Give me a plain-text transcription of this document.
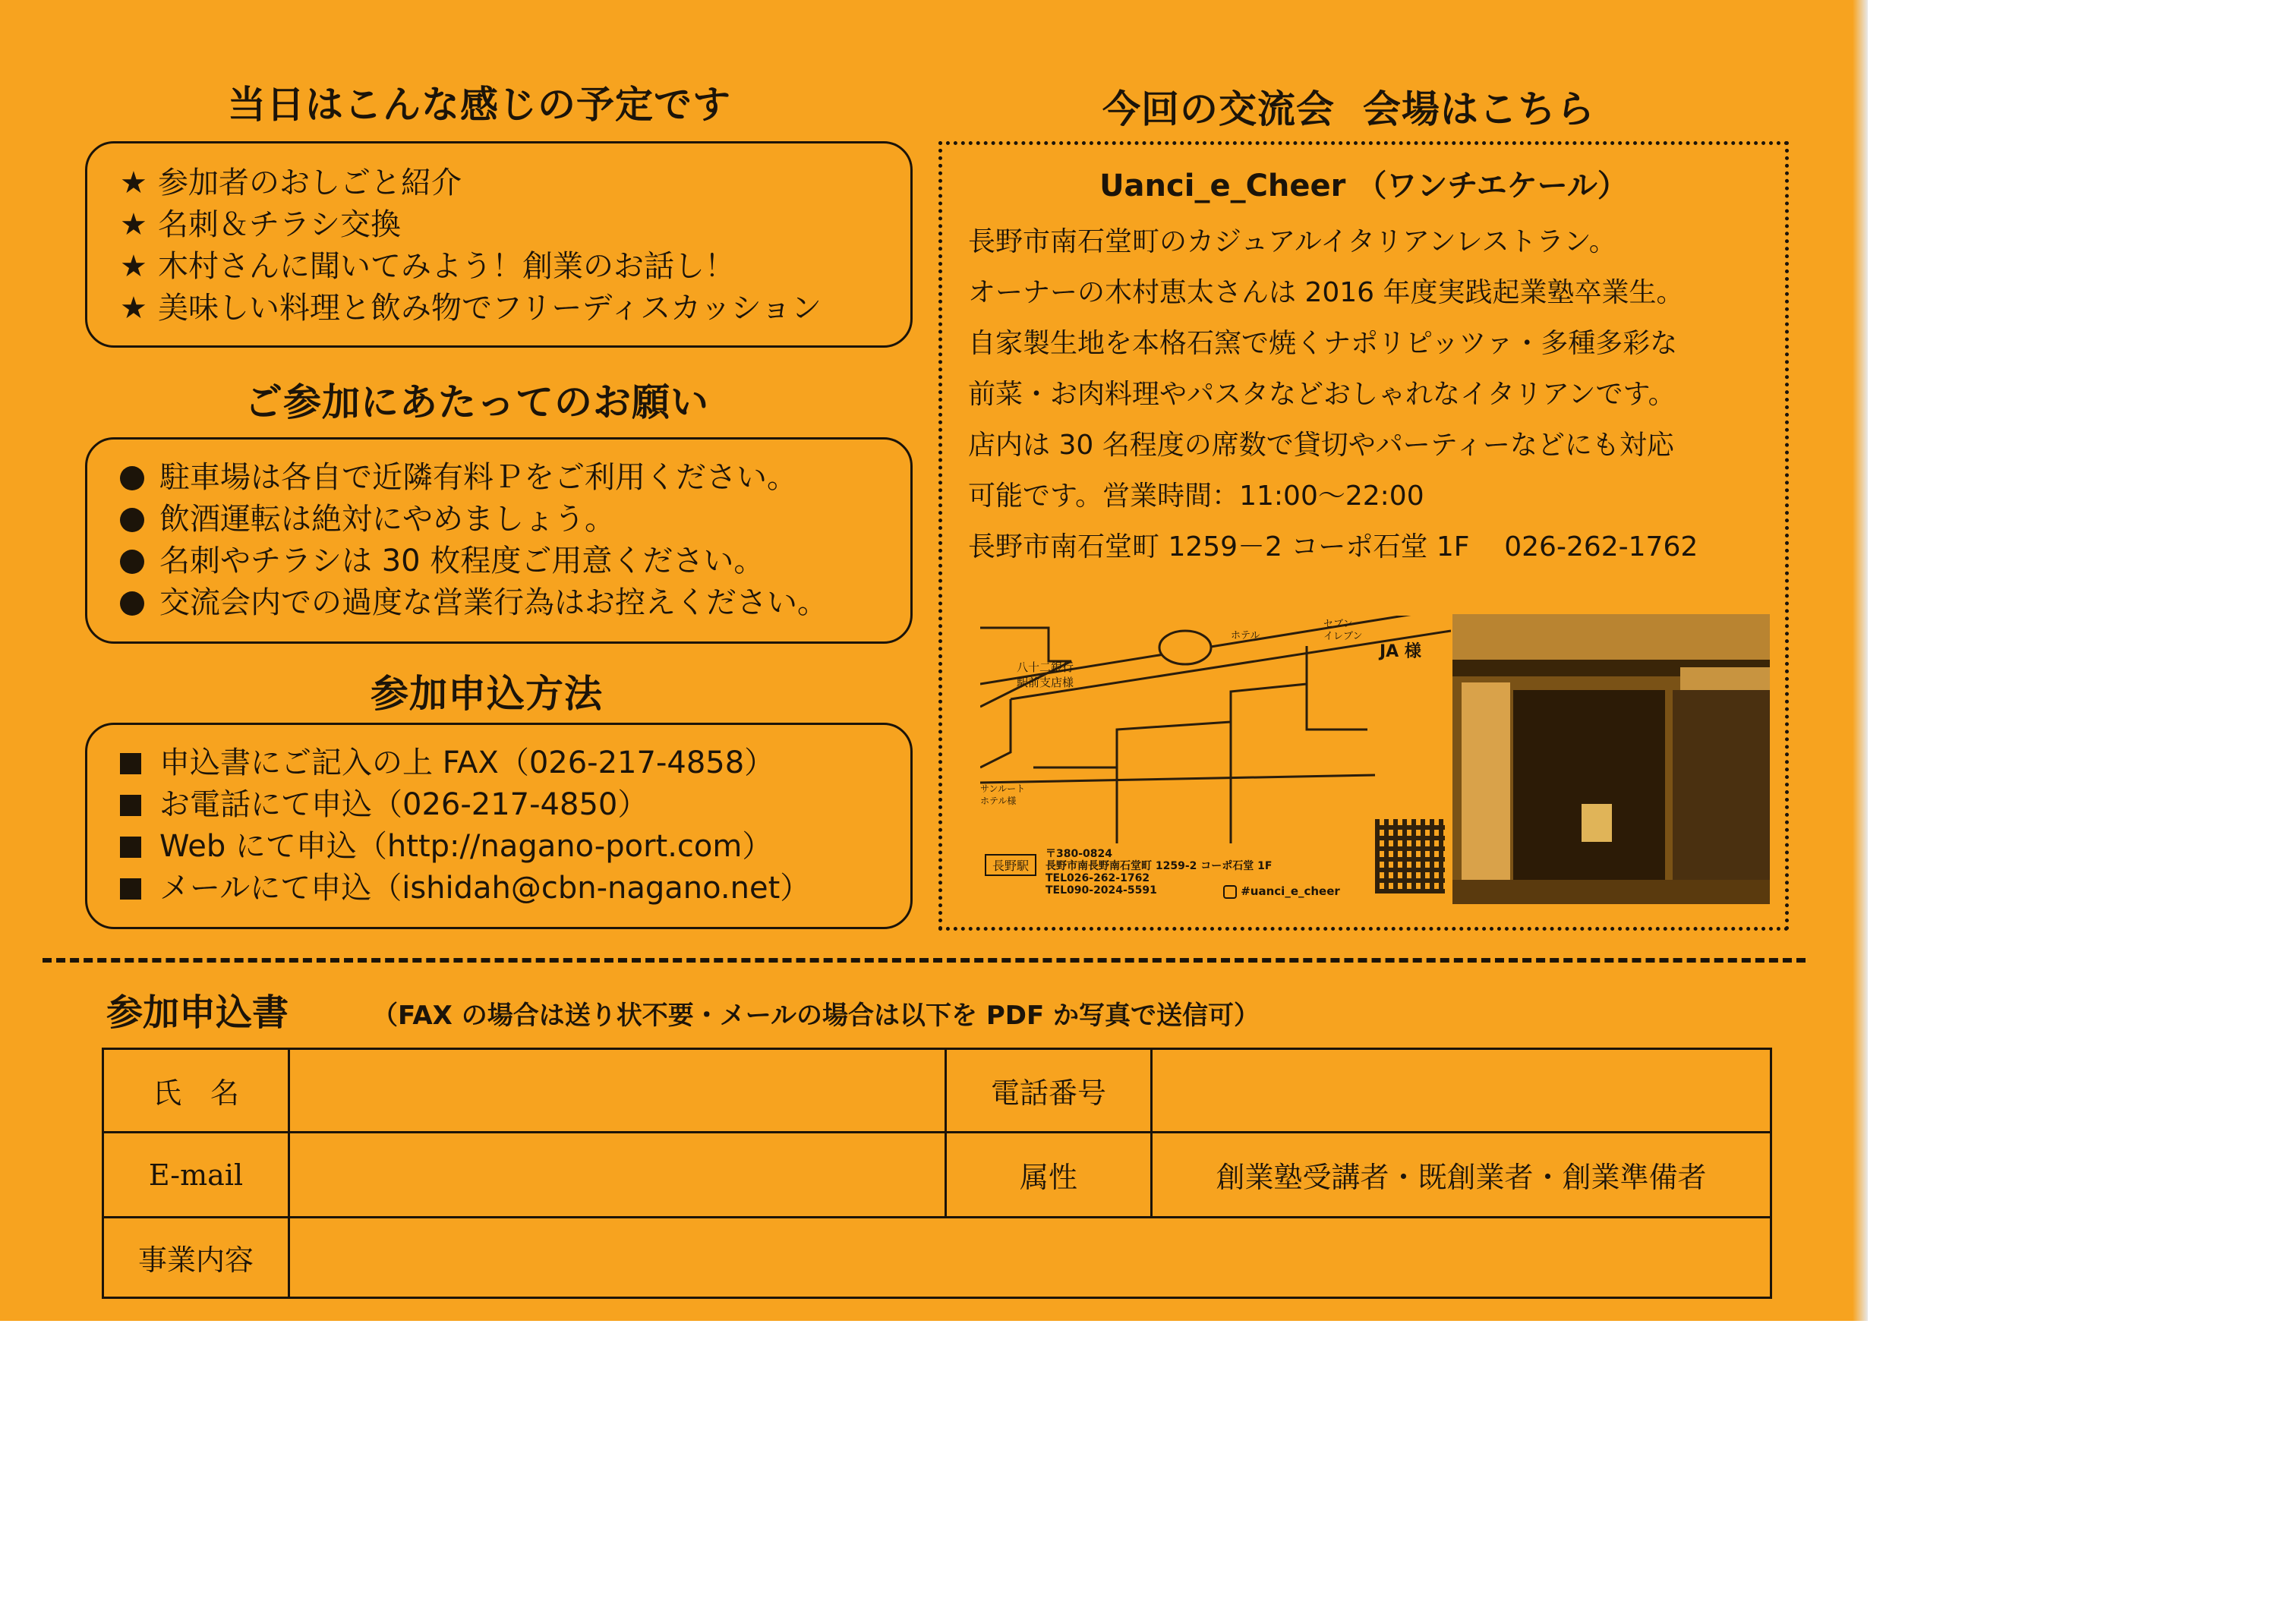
当日はこんな感じの予定です
★ 参加者のおしごと紹介
★ 名刺＆チラシ交換
★ 木村さんに聞いてみよう！創業のお話し！
★ 美味しい料理と飲み物でフリーディスカッション
ご参加にあたってのお願い
駐車場は各自で近隣有料Ｐをご利用ください。
飲酒運転は絶対にやめましょう。
名刺やチラシは 30 枚程度ご用意ください。
交流会内での過度な営業行為はお控えください。
参加申込方法
申込書にご記入の上 FAX（026-217-4858）
お電話にて申込（026-217-4850）
Web にて申込（http://nagano-port.com）
メールにて申込（ishidah@cbn-nagano.net）
今回の交流会  会場はこちら
Uanci_e_Cheer （ワンチエケール）
長野市南石堂町のカジュアルイタリアンレストラン。
オーナーの木村恵太さんは 2016 年度実践起業塾卒業生。
自家製生地を本格石窯で焼くナポリピッツァ・多種多彩な
前菜・お肉料理やパスタなどおしゃれなイタリアンです。
店内は 30 名程度の席数で貸切やパーティーなどにも対応
可能です。営業時間：11:00～22:00
長野市南石堂町 1259－2 コーポ石堂 1F    026-262-1762
八十二銀行
駅前支店様
ホテル
セブン
イレブン
JA 様
サンルート
ホテル様
長野駅
〒380-0824
長野市南長野南石堂町 1259-2 コーポ石堂 1F
TEL026-262-1762
TEL090-2024-5591	#uanci_e_cheer
参加申込書	（FAX の場合は送り状不要・メールの場合は以下を PDF か写真で送信可）
氏　名		電話番号	
E-mail		属性	創業塾受講者・既創業者・創業準備者
事業内容			
